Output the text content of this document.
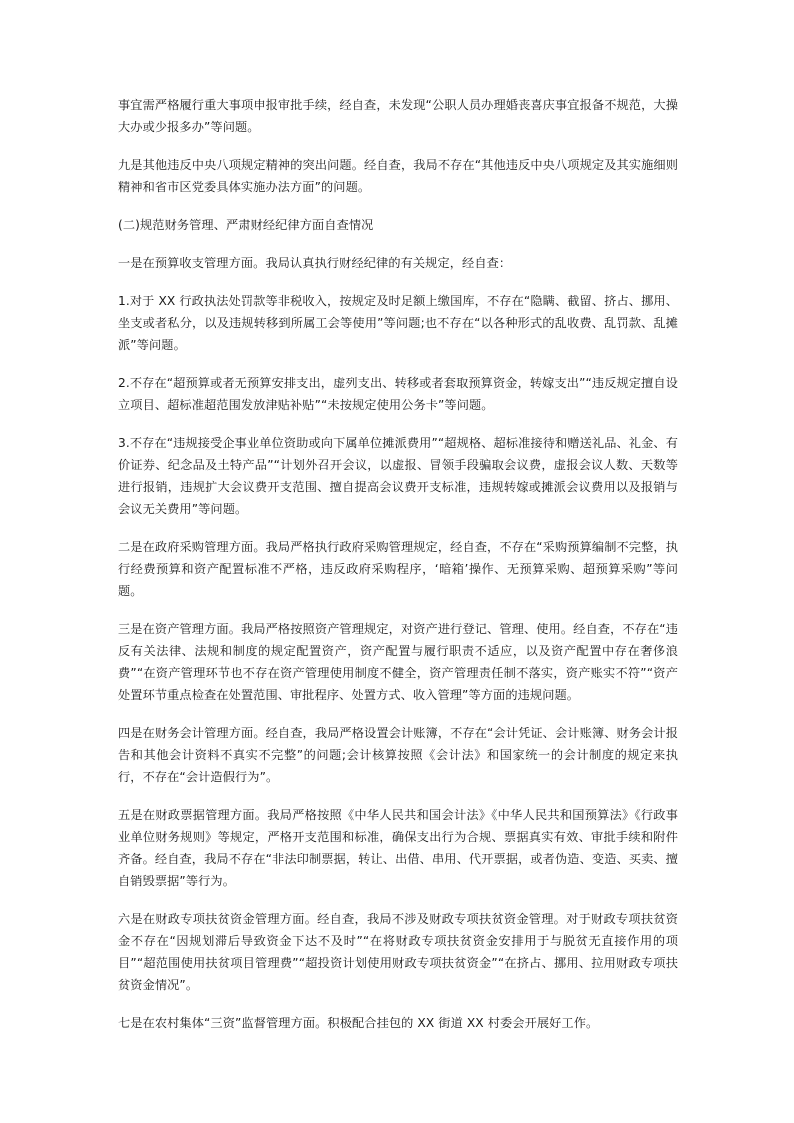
事宜需严格履行重大事项申报审批手续，经自查，未发现“公职人员办理婚丧喜庆事宜报备不规范，大操大办或少报多办”等问题。

九是其他违反中央八项规定精神的突出问题。经自查，我局不存在“其他违反中央八项规定及其实施细则精神和省市区党委具体实施办法方面”的问题。

(二)规范财务管理、严肃财经纪律方面自查情况

一是在预算收支管理方面。我局认真执行财经纪律的有关规定，经自查：

1.对于 XX 行政执法处罚款等非税收入，按规定及时足额上缴国库，不存在“隐瞒、截留、挤占、挪用、坐支或者私分，以及违规转移到所属工会等使用”等问题;也不存在“以各种形式的乱收费、乱罚款、乱摊派”等问题。

2.不存在“超预算或者无预算安排支出，虚列支出、转移或者套取预算资金，转嫁支出”“违反规定擅自设立项目、超标准超范围发放津贴补贴”“未按规定使用公务卡”等问题。

3.不存在“违规接受企事业单位资助或向下属单位摊派费用”“超规格、超标准接待和赠送礼品、礼金、有价证券、纪念品及土特产品”“计划外召开会议，以虚报、冒领手段骗取会议费，虚报会议人数、天数等进行报销，违规扩大会议费开支范围、擅自提高会议费开支标准，违规转嫁或摊派会议费用以及报销与会议无关费用”等问题。

二是在政府采购管理方面。我局严格执行政府采购管理规定，经自查，不存在“采购预算编制不完整，执行经费预算和资产配置标准不严格，违反政府采购程序，‘暗箱’操作、无预算采购、超预算采购”等问题。

三是在资产管理方面。我局严格按照资产管理规定，对资产进行登记、管理、使用。经自查，不存在“违反有关法律、法规和制度的规定配置资产，资产配置与履行职责不适应，以及资产配置中存在奢侈浪费”“在资产管理环节也不存在资产管理使用制度不健全，资产管理责任制不落实，资产账实不符”“资产处置环节重点检查在处置范围、审批程序、处置方式、收入管理”等方面的违规问题。

四是在财务会计管理方面。经自查，我局严格设置会计账簿，不存在“会计凭证、会计账簿、财务会计报告和其他会计资料不真实不完整”的问题;会计核算按照《会计法》和国家统一的会计制度的规定来执行，不存在“会计造假行为”。

五是在财政票据管理方面。我局严格按照《中华人民共和国会计法》《中华人民共和国预算法》《行政事业单位财务规则》等规定，严格开支范围和标准，确保支出行为合规、票据真实有效、审批手续和附件齐备。经自查，我局不存在“非法印制票据，转让、出借、串用、代开票据，或者伪造、变造、买卖、擅自销毁票据”等行为。

六是在财政专项扶贫资金管理方面。经自查，我局不涉及财政专项扶贫资金管理。对于财政专项扶贫资金不存在“因规划滞后导致资金下达不及时”“在将财政专项扶贫资金安排用于与脱贫无直接作用的项目”“超范围使用扶贫项目管理费”“超投资计划使用财政专项扶贫资金”“在挤占、挪用、拉用财政专项扶贫资金情况”。

七是在农村集体“三资”监督管理方面。积极配合挂包的 XX 街道 XX 村委会开展好工作。
